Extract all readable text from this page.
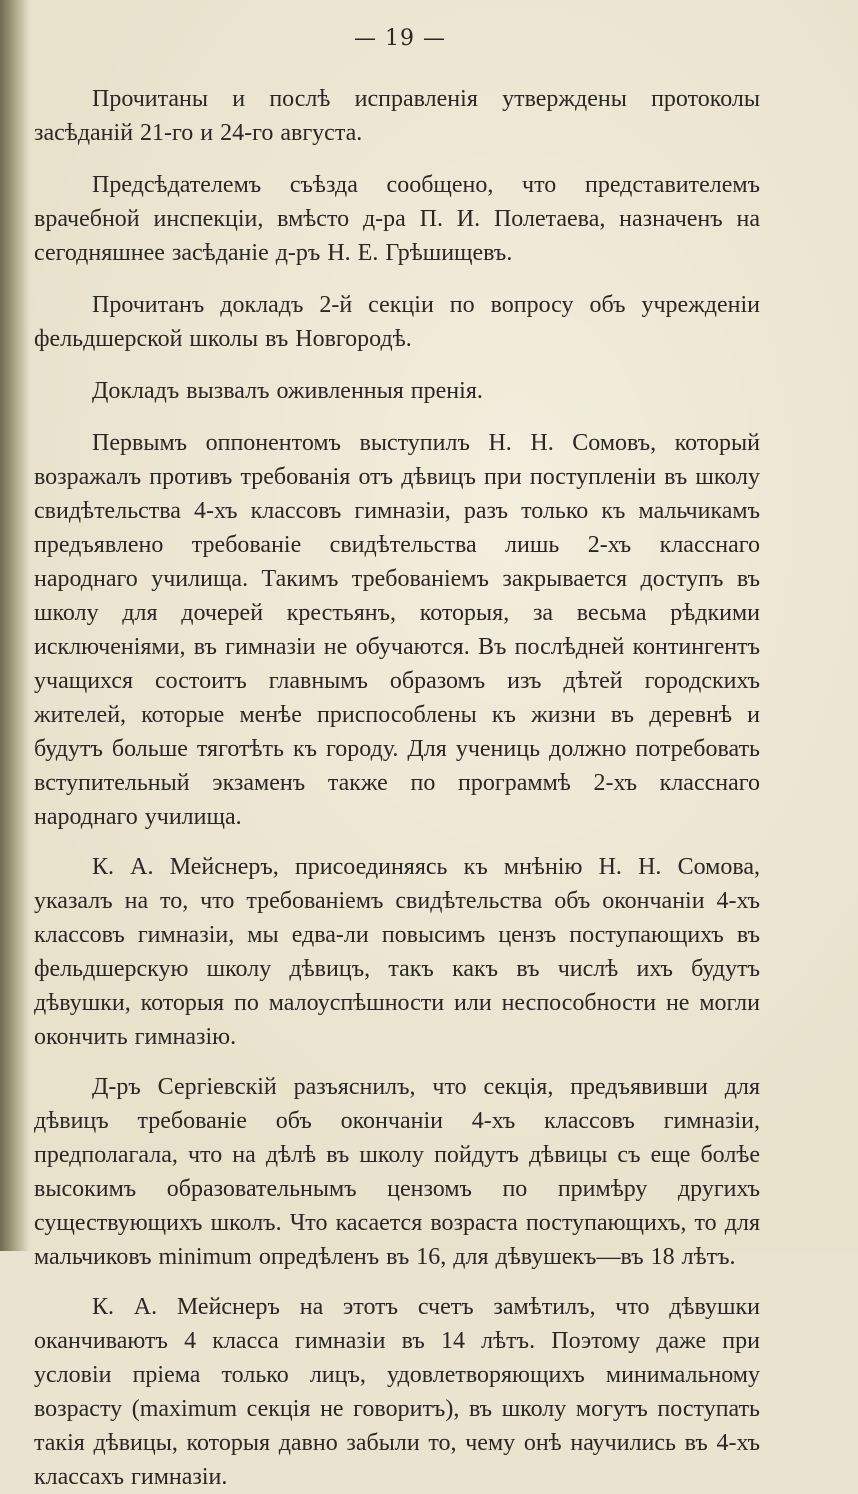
— 19 —

Прочитаны и послѣ исправленія утверждены протоколы засѣданій 21-го и 24-го августа.

Предсѣдателемъ съѣзда сообщено, что представителемъ врачебной инспекціи, вмѣсто д-ра П. И. Полетаева, назначенъ на сегодняшнее засѣданіе д-ръ Н. Е. Грѣшищевъ.

Прочитанъ докладъ 2-й секціи по вопросу объ учрежденіи фельдшерской школы въ Новгородѣ.

Докладъ вызвалъ оживленныя пренія.

Первымъ оппонентомъ выступилъ Н. Н. Сомовъ, который возражалъ противъ требованія отъ дѣвицъ при поступленіи въ школу свидѣтельства 4-хъ классовъ гимназіи, разъ только къ мальчикамъ предъявлено требованіе свидѣтельства лишь 2-хъ класснаго народнаго училища. Такимъ требованіемъ закрывается доступъ въ школу для дочерей крестьянъ, которыя, за весьма рѣдкими исключеніями, въ гимназіи не обучаются. Въ послѣдней контингентъ учащихся состоитъ главнымъ образомъ изъ дѣтей городскихъ жителей, которые менѣе приспособлены къ жизни въ деревнѣ и будутъ больше тяготѣть къ городу. Для учениць должно потребовать вступительный экзаменъ также по программѣ 2-хъ класснаго народнаго училища.

К. А. Мейснеръ, присоединяясь къ мнѣнію Н. Н. Сомова, указалъ на то, что требованіемъ свидѣтельства объ окончаніи 4-хъ классовъ гимназіи, мы едва-ли повысимъ цензъ поступающихъ въ фельдшерскую школу дѣвицъ, такъ какъ въ числѣ ихъ будутъ дѣвушки, которыя по малоуспѣшности или неспособности не могли окончить гимназію.

Д-ръ Сергіевскій разъяснилъ, что секція, предъявивши для дѣвицъ требованіе объ окончаніи 4-хъ классовъ гимназіи, предполагала, что на дѣлѣ въ школу пойдутъ дѣвицы съ еще болѣе высокимъ образовательнымъ цензомъ по примѣру другихъ существующихъ школъ. Что касается возраста поступающихъ, то для мальчиковъ minimum опредѣленъ въ 16, для дѣвушекъ—въ 18 лѣтъ.

К. А. Мейснеръ на этотъ счетъ замѣтилъ, что дѣвушки оканчиваютъ 4 класса гимназіи въ 14 лѣтъ. Поэтому даже при условіи пріема только лицъ, удовлетворяющихъ минимальному возрасту (maximum секція не говоритъ), въ школу могутъ поступать такія дѣвицы, которыя давно забыли то, чему онѣ научились въ 4-хъ классахъ гимназіи.
